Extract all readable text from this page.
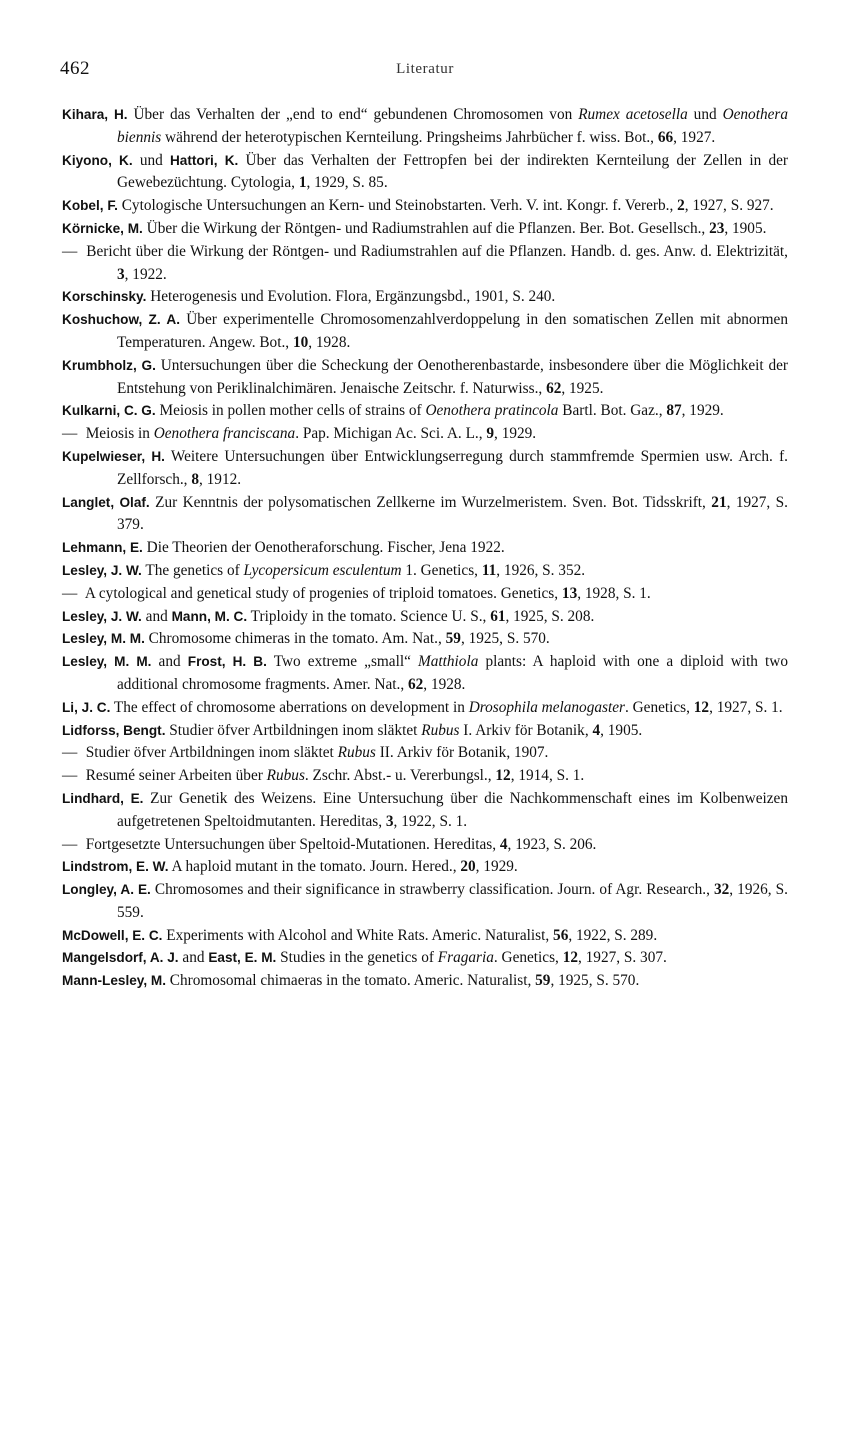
462	Literatur

Kihara, H. Über das Verhalten der „end to end“ gebundenen Chromosomen von Rumex acetosella und Oenothera biennis während der heterotypischen Kernteilung. Pringsheims Jahrbücher f. wiss. Bot., 66, 1927.

Kiyono, K. und Hattori, K. Über das Verhalten der Fettropfen bei der indirekten Kernteilung der Zellen in der Gewebezüchtung. Cytologia, 1, 1929, S. 85.

Kobel, F. Cytologische Untersuchungen an Kern- und Steinobstarten. Verh. V. int. Kongr. f. Vererb., 2, 1927, S. 927.

Körnicke, M. Über die Wirkung der Röntgen- und Radiumstrahlen auf die Pflanzen. Ber. Bot. Gesellsch., 23, 1905.

— Bericht über die Wirkung der Röntgen- und Radiumstrahlen auf die Pflanzen. Handb. d. ges. Anw. d. Elektrizität, 3, 1922.

Korschinsky. Heterogenesis und Evolution. Flora, Ergänzungsbd., 1901, S. 240.

Koshuchow, Z. A. Über experimentelle Chromosomenzahlverdoppelung in den somatischen Zellen mit abnormen Temperaturen. Angew. Bot., 10, 1928.

Krumbholz, G. Untersuchungen über die Scheckung der Oenotherenbastarde, insbesondere über die Möglichkeit der Entstehung von Periklinalchimären. Jenaische Zeitschr. f. Naturwiss., 62, 1925.

Kulkarni, C. G. Meiosis in pollen mother cells of strains of Oenothera pratincola Bartl. Bot. Gaz., 87, 1929.

— Meiosis in Oenothera franciscana. Pap. Michigan Ac. Sci. A. L., 9, 1929.

Kupelwieser, H. Weitere Untersuchungen über Entwicklungserregung durch stammfremde Spermien usw. Arch. f. Zellforsch., 8, 1912.

Langlet, Olaf. Zur Kenntnis der polysomatischen Zellkerne im Wurzelmeristem. Sven. Bot. Tidsskrift, 21, 1927, S. 379.

Lehmann, E. Die Theorien der Oenotheraforschung. Fischer, Jena 1922.

Lesley, J. W. The genetics of Lycopersicum esculentum 1. Genetics, 11, 1926, S. 352.

— A cytological and genetical study of progenies of triploid tomatoes. Genetics, 13, 1928, S. 1.

Lesley, J. W. and Mann, M. C. Triploidy in the tomato. Science U. S., 61, 1925, S. 208.

Lesley, M. M. Chromosome chimeras in the tomato. Am. Nat., 59, 1925, S. 570.

Lesley, M. M. and Frost, H. B. Two extreme „small“ Matthiola plants: A haploid with one a diploid with two additional chromosome fragments. Amer. Nat., 62, 1928.

Li, J. C. The effect of chromosome aberrations on development in Drosophila melanogaster. Genetics, 12, 1927, S. 1.

Lidforss, Bengt. Studier öfver Artbildningen inom släktet Rubus I. Arkiv för Botanik, 4, 1905.

— Studier öfver Artbildningen inom släktet Rubus II. Arkiv för Botanik, 1907.

— Resumé seiner Arbeiten über Rubus. Zschr. Abst.- u. Vererbungsl., 12, 1914, S. 1.

Lindhard, E. Zur Genetik des Weizens. Eine Untersuchung über die Nachkommenschaft eines im Kolbenweizen aufgetretenen Speltoidmutanten. Hereditas, 3, 1922, S. 1.

— Fortgesetzte Untersuchungen über Speltoid-Mutationen. Hereditas, 4, 1923, S. 206.

Lindstrom, E. W. A haploid mutant in the tomato. Journ. Hered., 20, 1929.

Longley, A. E. Chromosomes and their significance in strawberry classification. Journ. of Agr. Research., 32, 1926, S. 559.

McDowell, E. C. Experiments with Alcohol and White Rats. Americ. Naturalist, 56, 1922, S. 289.

Mangelsdorf, A. J. and East, E. M. Studies in the genetics of Fragaria. Genetics, 12, 1927, S. 307.

Mann-Lesley, M. Chromosomal chimaeras in the tomato. Americ. Naturalist, 59, 1925, S. 570.
